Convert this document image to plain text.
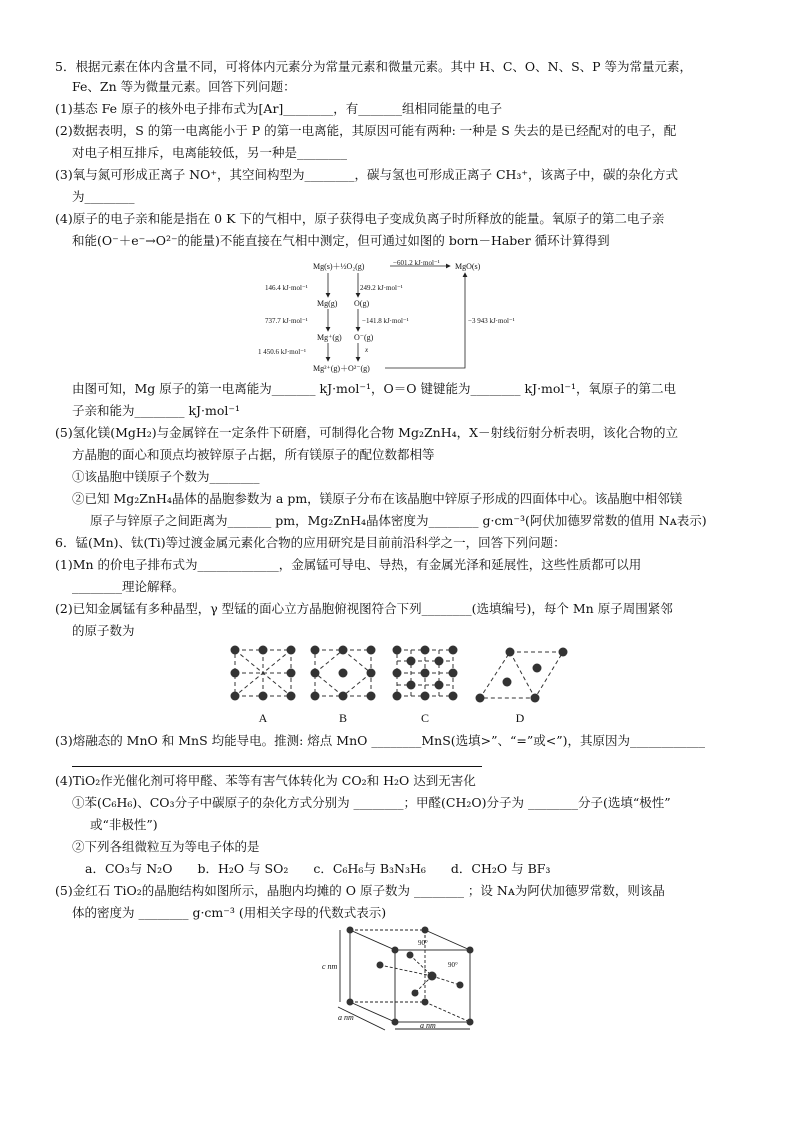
5．根据元素在体内含量不同，可将体内元素分为常量元素和微量元素。其中 H、C、O、N、S、P 等为常量元素，
Fe、Zn 等为微量元素。回答下列问题：
(1)基态 Fe 原子的核外电子排布式为[Ar]________，有_______组相同能量的电子
(2)数据表明，S 的第一电离能小于 P 的第一电离能，其原因可能有两种: 一种是 S 失去的是已经配对的电子，配
对电子相互排斥，电离能较低，另一种是________
(3)氧与氮可形成正离子 NO⁺，其空间构型为________，碳与氢也可形成正离子 CH₃⁺，该离子中，碳的杂化方式
为________
(4)原子的电子亲和能是指在 0 K 下的气相中，原子获得电子变成负离子时所释放的能量。氧原子的第二电子亲
和能(O⁻＋e⁻→O²⁻的能量)不能直接在气相中测定，但可通过如图的 born－Haber 循环计算得到
Mg(s)＋½O₂(g)	−601.2 kJ·mol⁻¹ MgO(s)
249.2 kJ·mol⁻¹
146.4 kJ·mol⁻¹
Mg(g) O(g)
737.7 kJ·mol⁻¹	−141.8 kJ·mol⁻¹
Mg⁺(g) O⁻(g)
1 450.6 kJ·mol⁻¹	x
Mg²⁺(g)＋O²⁻(g)
−3 943 kJ·mol⁻¹
由图可知，Mg 原子的第一电离能为_______ kJ·mol⁻¹，O＝O 键键能为________ kJ·mol⁻¹，氧原子的第二电
子亲和能为________ kJ·mol⁻¹
(5)氢化镁(MgH₂)与金属锌在一定条件下研磨，可制得化合物 Mg₂ZnH₄，X－射线衍射分析表明，该化合物的立
方晶胞的面心和顶点均被锌原子占据，所有镁原子的配位数都相等
①该晶胞中镁原子个数为________
②已知 Mg₂ZnH₄晶体的晶胞参数为 a pm，镁原子分布在该晶胞中锌原子形成的四面体中心。该晶胞中相邻镁
原子与锌原子之间距离为_______ pm，Mg₂ZnH₄晶体密度为________ g·cm⁻³(阿伏加德罗常数的值用 Nᴀ表示)
6．锰(Mn)、钛(Ti)等过渡金属元素化合物的应用研究是目前前沿科学之一，回答下列问题：
(1)Mn 的价电子排布式为_____________，金属锰可导电、导热，有金属光泽和延展性，这些性质都可以用
________理论解释。
(2)已知金属锰有多种晶型，γ 型锰的面心立方晶胞俯视图符合下列________(选填编号)，每个 Mn 原子周围紧邻
的原子数为
A	B	C	D
(3)熔融态的 MnO 和 MnS 均能导电。推测: 熔点 MnO ________MnS(选填>”、“=”或<”)，其原因为____________
(4)TiO₂作光催化剂可将甲醛、苯等有害气体转化为 CO₂和 H₂O 达到无害化
①苯(C₆H₆)、CO₃分子中碳原子的杂化方式分别为 ________；甲醛(CH₂O)分子为 ________分子(选填“极性”
或“非极性”)
②下列各组微粒互为等电子体的是
a．CO₃与 N₂O　　b．H₂O 与 SO₂　　c．C₆H₆与 B₃N₃H₆　　d．CH₂O 与 BF₃
(5)金红石 TiO₂的晶胞结构如图所示，晶胞内均摊的 O 原子数为 ________ ；设 Nᴀ为阿伏加德罗常数，则该晶
体的密度为 ________ g·cm⁻³ (用相关字母的代数式表示)
c nm
a nm
a nm
90°
90°
